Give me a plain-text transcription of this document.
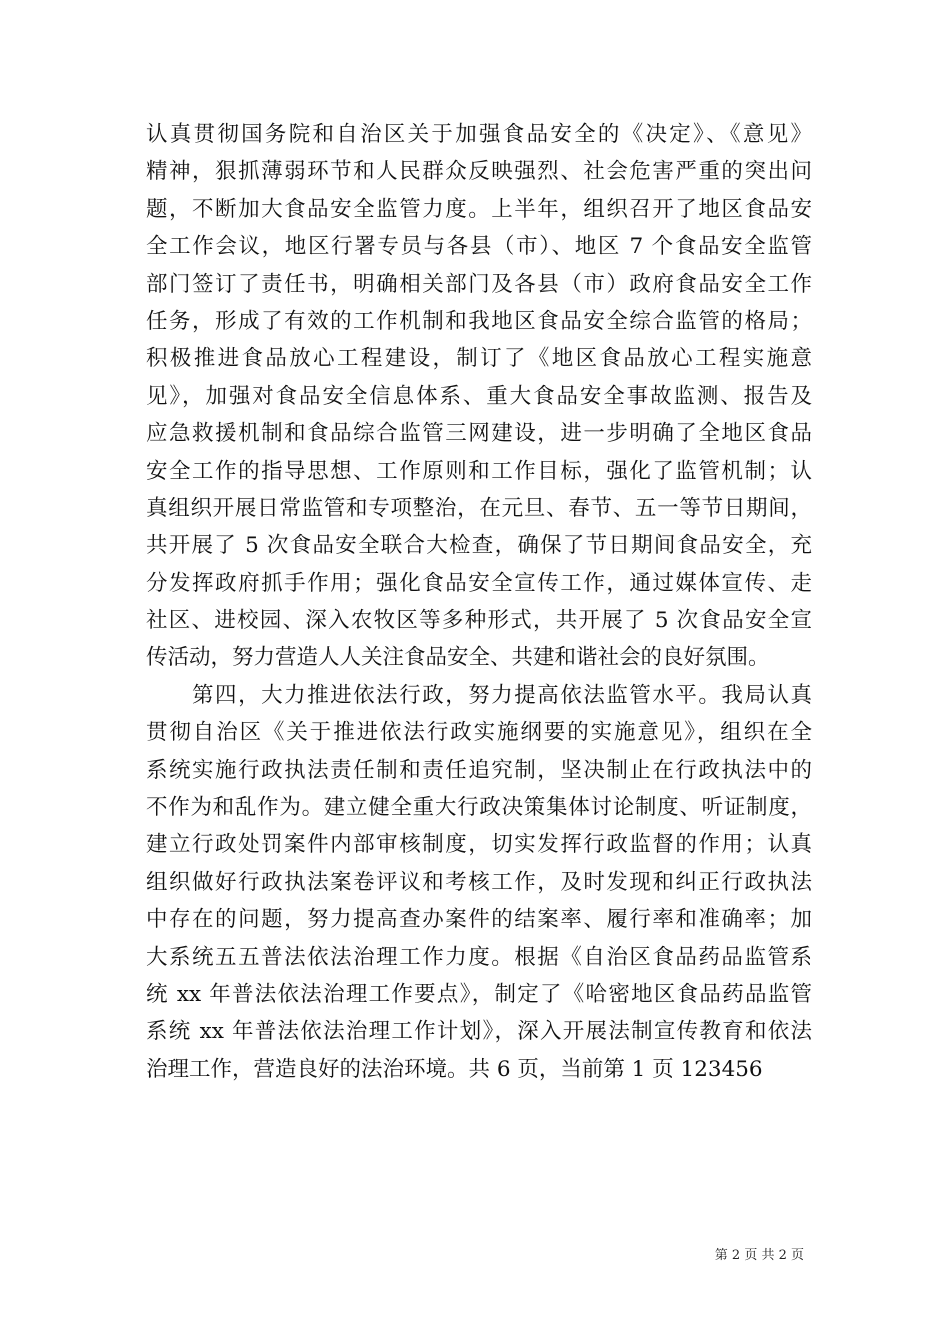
认真贯彻国务院和自治区关于加强食品安全的《决定》、《意见》
精神，狠抓薄弱环节和人民群众反映强烈、社会危害严重的突出问
题，不断加大食品安全监管力度。上半年，组织召开了地区食品安
全工作会议，地区行署专员与各县（市）、地区 7 个食品安全监管
部门签订了责任书，明确相关部门及各县（市）政府食品安全工作
任务，形成了有效的工作机制和我地区食品安全综合监管的格局；
积极推进食品放心工程建设，制订了《地区食品放心工程实施意
见》，加强对食品安全信息体系、重大食品安全事故监测、报告及
应急救援机制和食品综合监管三网建设，进一步明确了全地区食品
安全工作的指导思想、工作原则和工作目标，强化了监管机制；认
真组织开展日常监管和专项整治，在元旦、春节、五一等节日期间，
共开展了 5 次食品安全联合大检查，确保了节日期间食品安全，充
分发挥政府抓手作用；强化食品安全宣传工作，通过媒体宣传、走
社区、进校园、深入农牧区等多种形式，共开展了 5 次食品安全宣
传活动，努力营造人人关注食品安全、共建和谐社会的良好氛围。
　　第四，大力推进依法行政，努力提高依法监管水平。我局认真
贯彻自治区《关于推进依法行政实施纲要的实施意见》，组织在全
系统实施行政执法责任制和责任追究制，坚决制止在行政执法中的
不作为和乱作为。建立健全重大行政决策集体讨论制度、听证制度，
建立行政处罚案件内部审核制度，切实发挥行政监督的作用；认真
组织做好行政执法案卷评议和考核工作，及时发现和纠正行政执法
中存在的问题，努力提高查办案件的结案率、履行率和准确率；加
大系统五五普法依法治理工作力度。根据《自治区食品药品监管系
统 xx 年普法依法治理工作要点》，制定了《哈密地区食品药品监管
系统 xx 年普法依法治理工作计划》，深入开展法制宣传教育和依法
治理工作，营造良好的法治环境。共 6 页，当前第 1 页 123456
第 2 页 共 2 页
